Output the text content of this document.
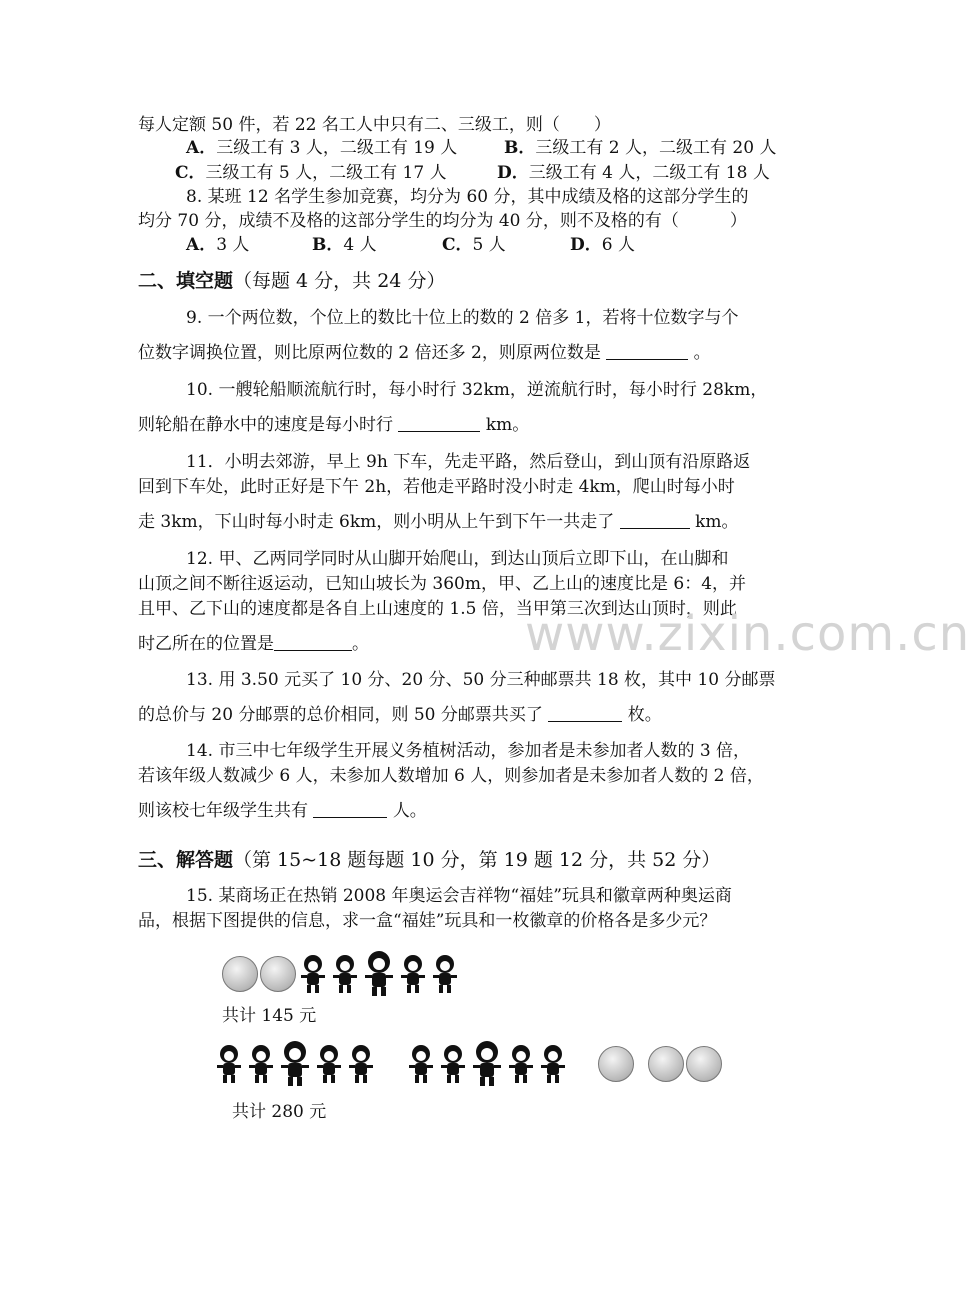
每人定额 50 件，若 22 名工人中只有二、三级工，则（　　）
A．三级工有 3 人，二级工有 19 人	B．三级工有 2 人，二级工有 20 人
C．三级工有 5 人，二级工有 17 人	D．三级工有 4 人，二级工有 18 人
8. 某班 12 名学生参加竞赛，均分为 60 分，其中成绩及格的这部分学生的
均分 70 分，成绩不及格的这部分学生的均分为 40 分，则不及格的有（　　　）
A．3 人	B．4 人	C．5 人	D．6 人
二、填空题（每题 4 分，共 24 分）
9. 一个两位数，个位上的数比十位上的数的 2 倍多 1，若将十位数字与个
位数字调换位置，则比原两位数的 2 倍还多 2，则原两位数是	。
10. 一艘轮船顺流航行时，每小时行 32km，逆流航行时，每小时行 28km，
则轮船在静水中的速度是每小时行	km。
11．小明去郊游，早上 9h 下车，先走平路，然后登山，到山顶有沿原路返
回到下车处，此时正好是下午 2h，若他走平路时没小时走 4km，爬山时每小时
走 3km，下山时每小时走 6km，则小明从上午到下午一共走了	km。
12. 甲、乙两同学同时从山脚开始爬山，到达山顶后立即下山，在山脚和
山顶之间不断往返运动，已知山坡长为 360m，甲、乙上山的速度比是 6：4，并
且甲、乙下山的速度都是各自上山速度的 1.5 倍，当甲第三次到达山顶时，则此
时乙所在的位置是	。	www.zixin.com.cn
13. 用 3.50 元买了 10 分、20 分、50 分三种邮票共 18 枚，其中 10 分邮票
的总价与 20 分邮票的总价相同，则 50 分邮票共买了	枚。
14. 市三中七年级学生开展义务植树活动，参加者是未参加者人数的 3 倍，
若该年级人数减少 6 人，未参加人数增加 6 人，则参加者是未参加者人数的 2 倍，
则该校七年级学生共有	人。
三、解答题（第 15~18 题每题 10 分，第 19 题 12 分，共 52 分）
15. 某商场正在热销 2008 年奥运会吉祥物“福娃”玩具和徽章两种奥运商
品，根据下图提供的信息，求一盒“福娃”玩具和一枚徽章的价格各是多少元？
共计 145 元
共计 280 元
